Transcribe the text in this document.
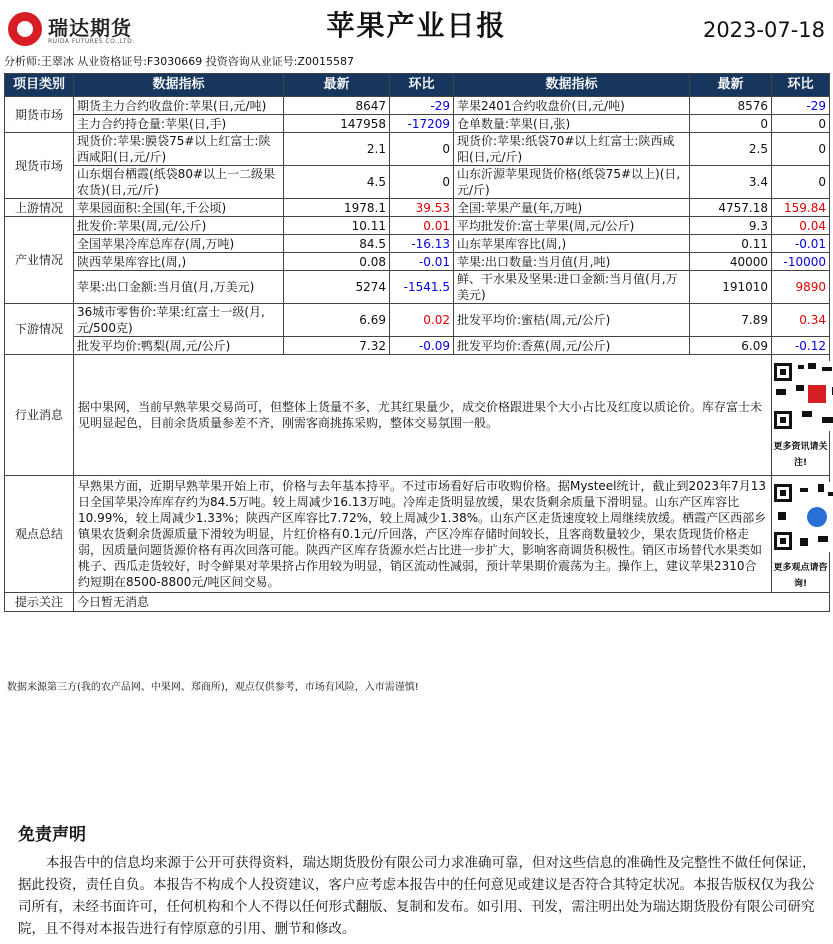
瑞达期货
RUIDA FUTURES CO.,LTD.	苹果产业日报	2023-07-18
分析师:王翠冰 从业资格证号:F3030669 投资咨询从业证号:Z0015587
项目类别	数据指标	最新	环比	数据指标	最新	环比
期货市场	期货主力合约收盘价:苹果(日,元/吨)	8647	-29	苹果2401合约收盘价(日,元/吨)	8576	-29
	主力合约持仓量:苹果(日,手)	147958	-17209	仓单数量:苹果(日,张)	0	0
现货市场	现货价:苹果:膜袋75#以上红富士:陕西咸阳(日,元/斤)	2.1	0	现货价:苹果:纸袋70#以上红富士:陕西咸阳(日,元/斤)	2.5	0
	山东烟台栖霞(纸袋80#以上一二级果农货)(日,元/斤)	4.5	0	山东沂源苹果现货价格(纸袋75#以上)(日,元/斤)	3.4	0
上游情况	苹果园面积:全国(年,千公顷)	1978.1	39.53	全国:苹果产量(年,万吨)	4757.18	159.84
产业情况	批发价:苹果(周,元/公斤)	10.11	0.01	平均批发价:富士苹果(周,元/公斤)	9.3	0.04
	全国苹果冷库总库存(周,万吨)	84.5	-16.13	山东苹果库容比(周,)	0.11	-0.01
	陕西苹果库容比(周,)	0.08	-0.01	苹果:出口数量:当月值(月,吨)	40000	-10000
	苹果:出口金额:当月值(月,万美元)	5274	-1541.5	鲜、干水果及坚果:进口金额:当月值(月,万美元)	191010	9890
下游情况	36城市零售价:苹果:红富士一级(月,元/500克)	6.69	0.02	批发平均价:蜜桔(周,元/公斤)	7.89	0.34
	批发平均价:鸭梨(周,元/公斤)	7.32	-0.09	批发平均价:香蕉(周,元/公斤)	6.09	-0.12
行业消息	据中果网，当前早熟苹果交易尚可，但整体上货量不多，尤其红果量少，成交价格跟进果个大小占比及红度以质论价。库存富士未见明显起色，目前余货质量参差不齐，刚需客商挑拣采购，整体交易氛围一般。					更多资讯请关注!

观点总结	早熟果方面，近期早熟苹果开始上市，价格与去年基本持平。不过市场看好后市收购价格。据Mysteel统计，截止到2023年7月13日全国苹果冷库库存约为84.5万吨。较上周减少16.13万吨。冷库走货明显放缓，果农货剩余质量下滑明显。山东产区库容比10.99%，较上周减少1.33%；陕西产区库容比7.72%，较上周减少1.38%。山东产区走货速度较上周继续放缓。栖霞产区西部乡镇果农货剩余货源质量下滑较为明显，片红价格有0.1元/斤回落，产区冷库存储时间较长，且客商数量较少，果农货现货价格走弱，因质量问题货源价格有再次回落可能。陕西产区库存货源水烂占比进一步扩大，影响客商调货积极性。销区市场替代水果类如桃子、西瓜走货较好，时令鲜果对苹果挤占作用较为明显，销区流动性减弱，预计苹果期价震荡为主。操作上，建议苹果2310合约短期在8500-8800元/吨区间交易。					更多观点请咨询!

提示关注	今日暂无消息					
数据来源第三方(我的农产品网、中果网、郑商所)，观点仅供参考，市场有风险，入市需谨慎!
免责声明
本报告中的信息均来源于公开可获得资料，瑞达期货股份有限公司力求准确可靠，但对这些信息的准确性及完整性不做任何保证，据此投资，责任自负。本报告不构成个人投资建议，客户应考虑本报告中的任何意见或建议是否符合其特定状况。本报告版权仅为我公司所有，未经书面许可，任何机构和个人不得以任何形式翻版、复制和发布。如引用、刊发，需注明出处为瑞达期货股份有限公司研究院，且不得对本报告进行有悖原意的引用、删节和修改。
